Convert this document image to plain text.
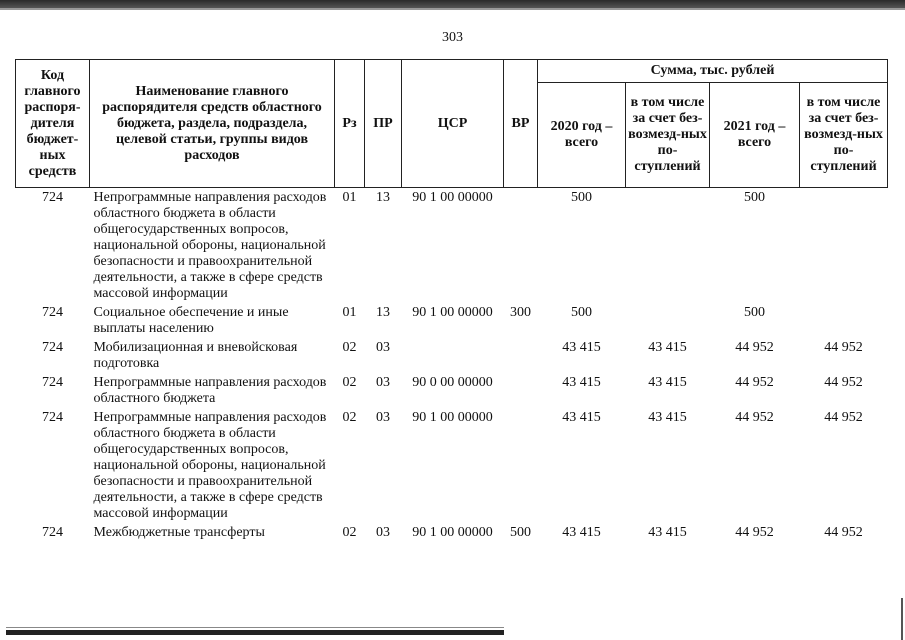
303
Код главного распоря-дителя бюджет-ных средств	Наименование главного распорядителя средств областного бюджета, раздела, подраздела, целевой статьи, группы видов расходов	Рз	ПР	ЦСР	ВР	Сумма, тыс. рублей			
						2020 год – всего	в том числе за счет без-возмезд-ных по-ступлений	2021 год – всего	в том числе за счет без-возмезд-ных по-ступлений
724	Непрограммные направления расходов областного бюджета в области общегосударственных вопросов, национальной обороны, национальной безопасности и правоохранительной деятельности, а также в сфере средств массовой информации	01	13	90 1 00 00000		500		500	
724	Социальное обеспечение и иные выплаты населению	01	13	90 1 00 00000	300	500		500	
724	Мобилизационная и вневойсковая подготовка	02	03			43 415	43 415	44 952	44 952
724	Непрограммные направления расходов областного бюджета	02	03	90 0 00 00000		43 415	43 415	44 952	44 952
724	Непрограммные направления расходов областного бюджета в области общегосударственных вопросов, национальной обороны, национальной безопасности и правоохранительной деятельности, а также в сфере средств массовой информации	02	03	90 1 00 00000		43 415	43 415	44 952	44 952
724	Межбюджетные трансферты	02	03	90 1 00 00000	500	43 415	43 415	44 952	44 952
